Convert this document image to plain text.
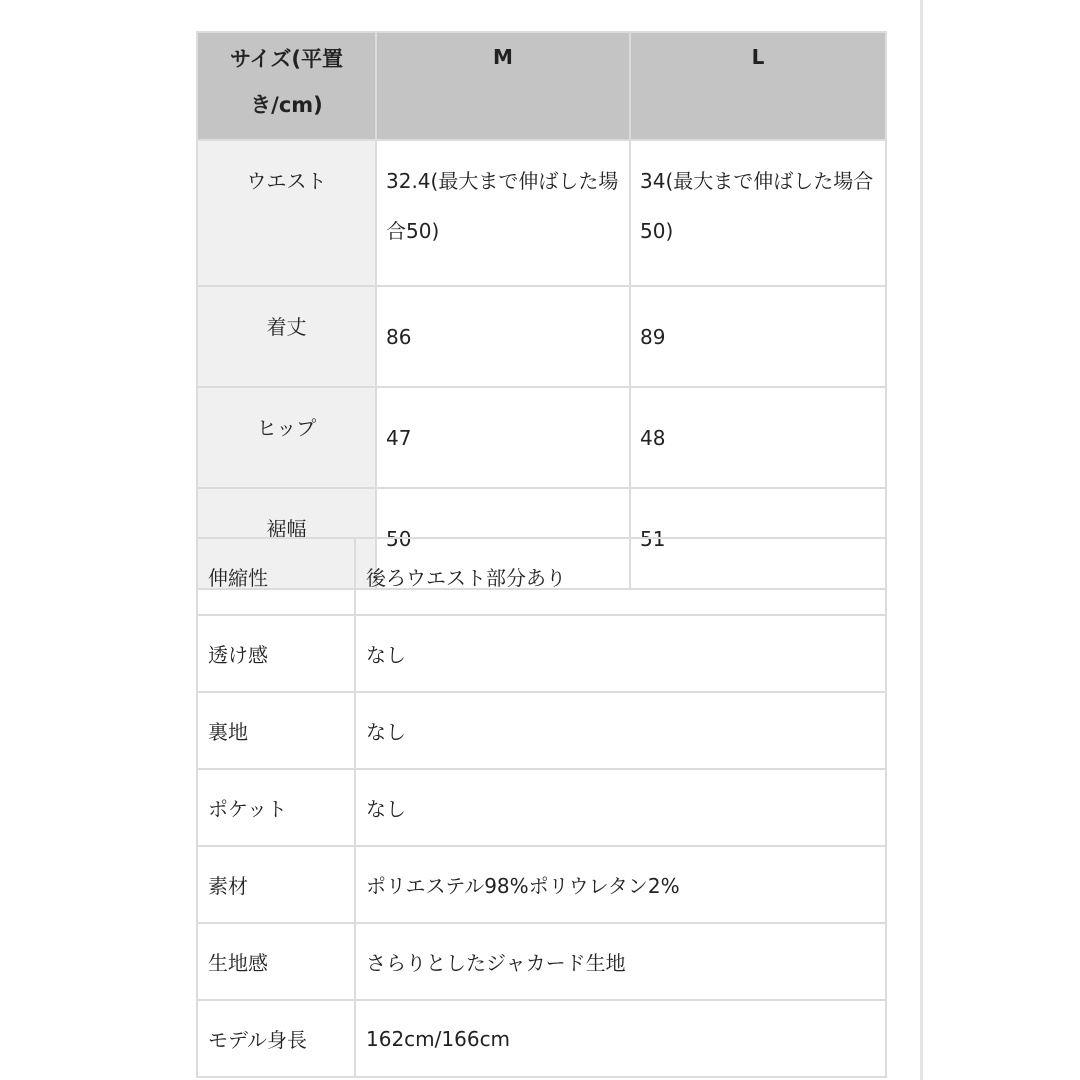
サイズ(平置き/cm)	M	L
ウエスト	32.4(最大まで伸ばした場合50)	34(最大まで伸ばした場合50)
着丈	86	89
ヒップ	47	48
裾幅	50	51
伸縮性	後ろウエスト部分あり
透け感	なし
裏地	なし
ポケット	なし
素材	ポリエステル98%ポリウレタン2%
生地感	さらりとしたジャカード生地
モデル身長	162cm/166cm
